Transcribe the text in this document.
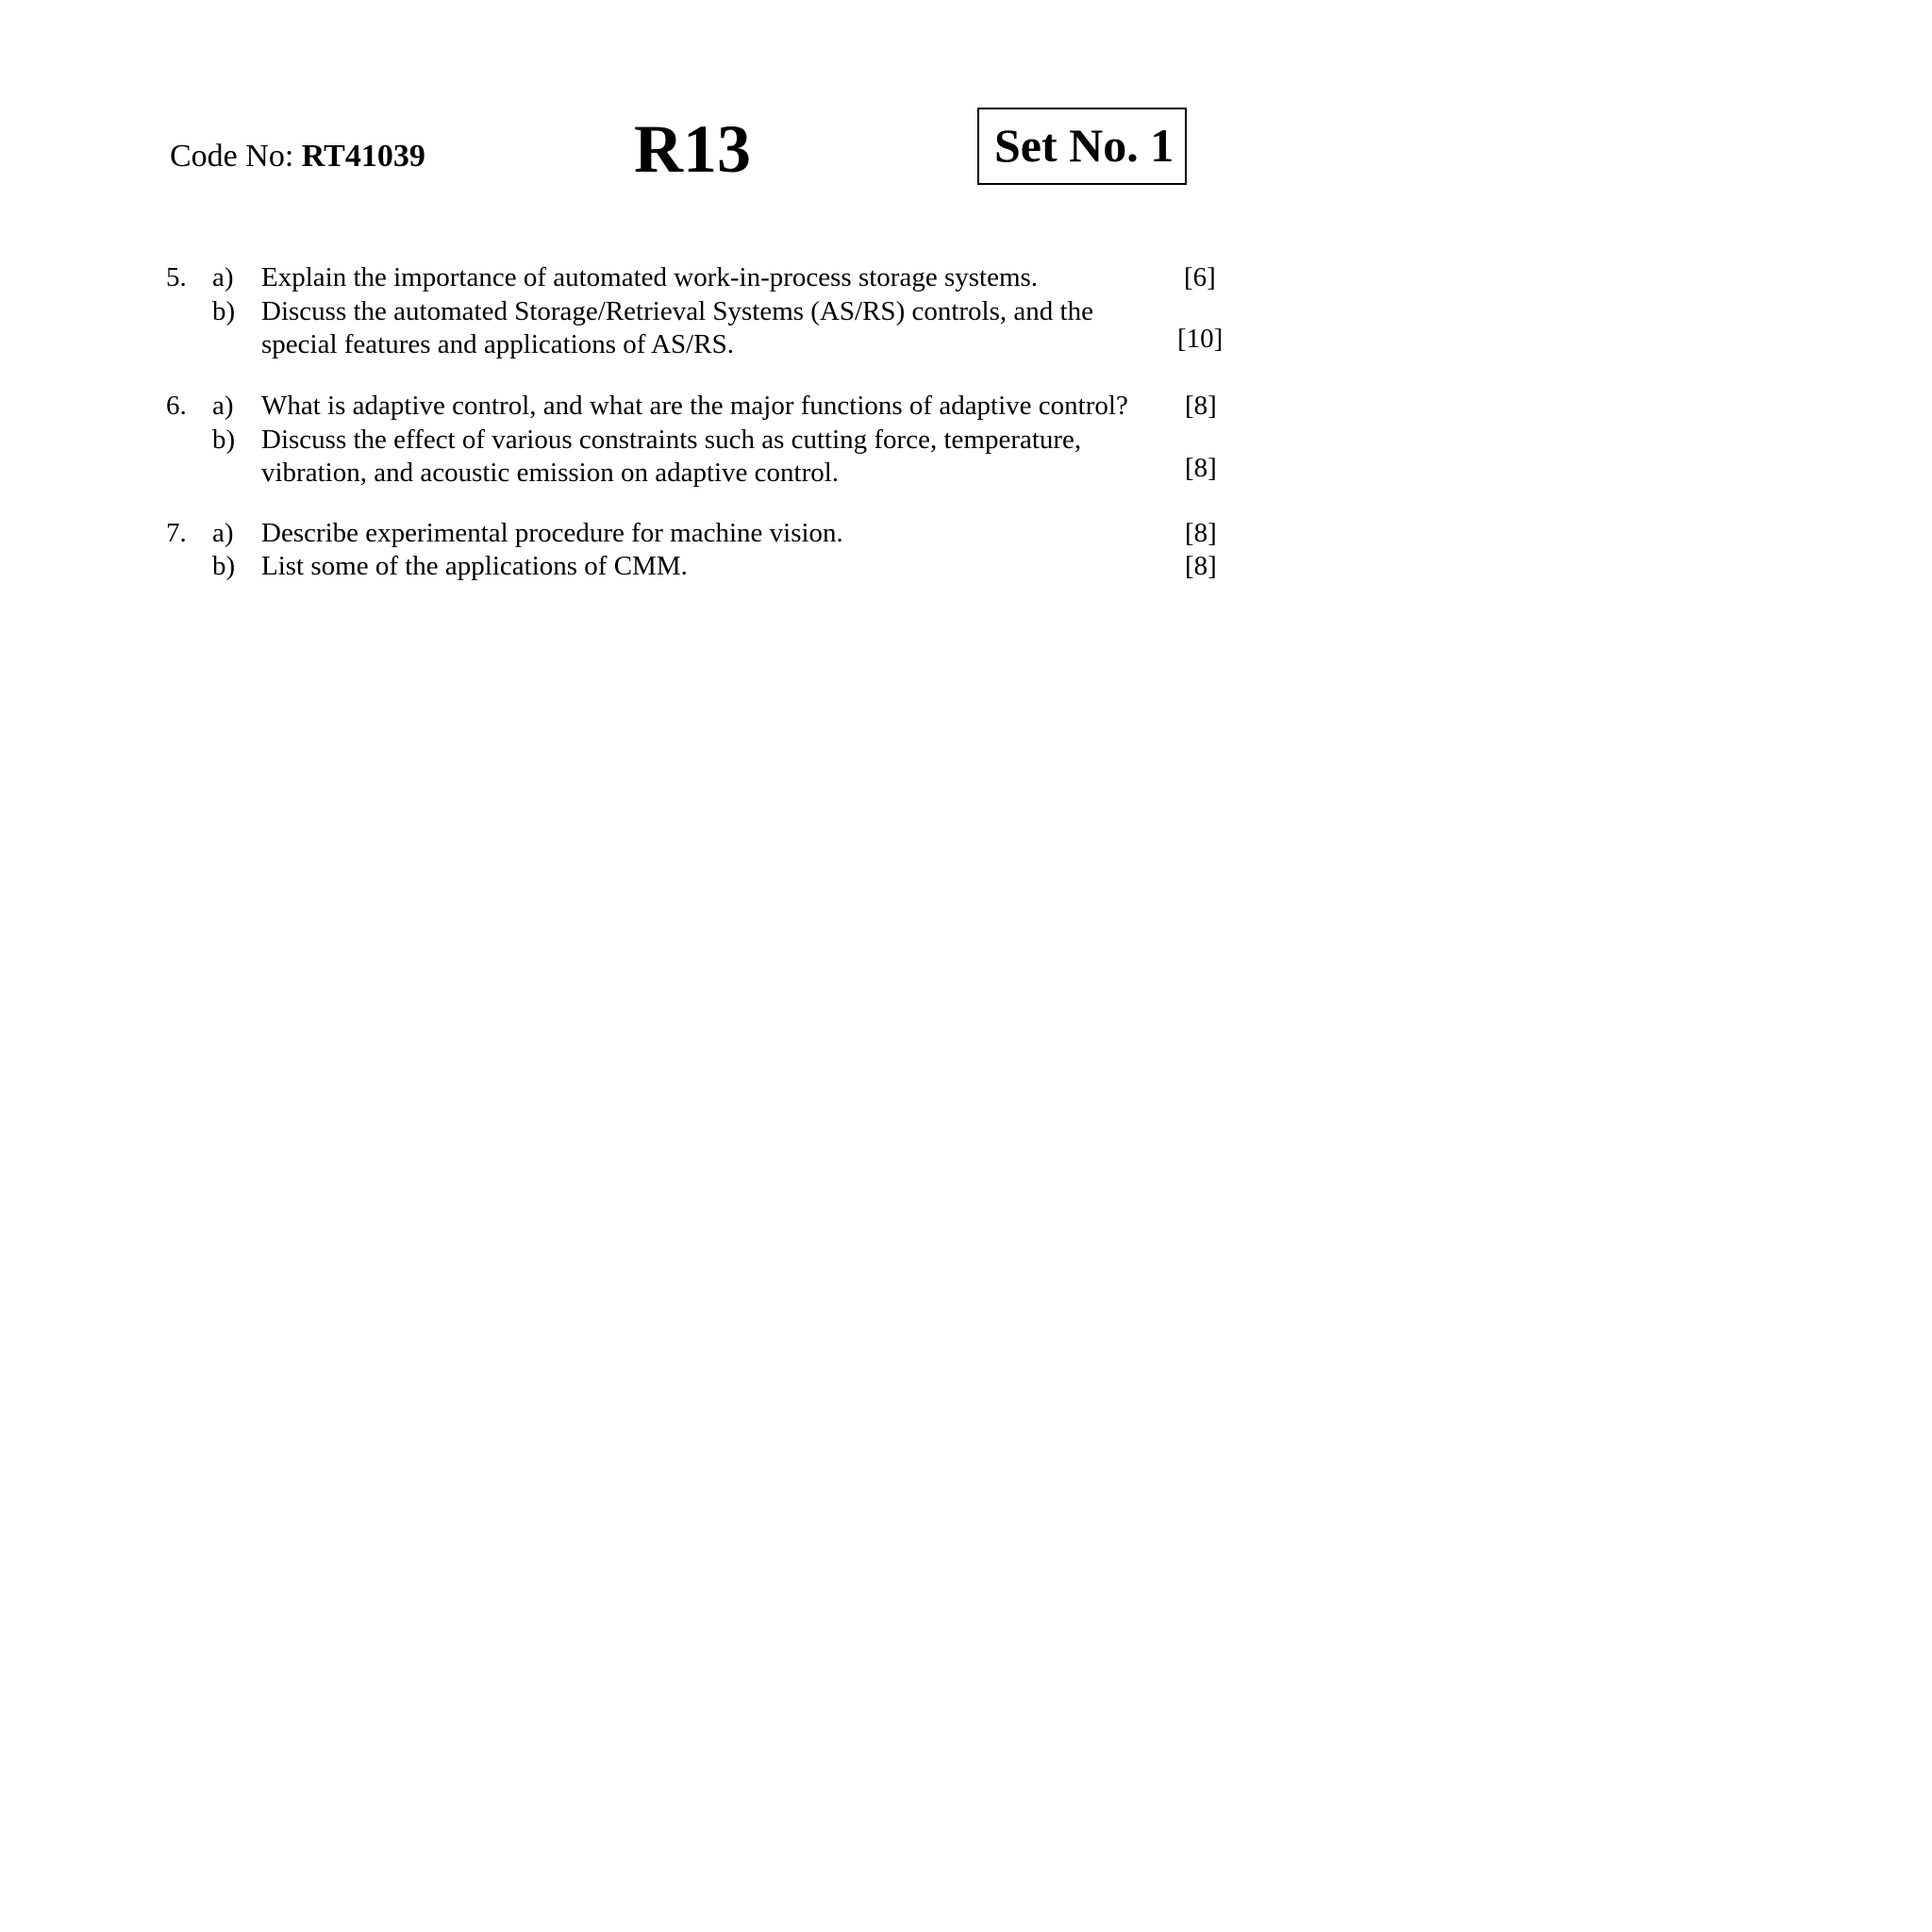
Code No: RT41039	R13	Set No. 1
5. a) Explain the importance of automated work-in-process storage systems.	[6]
b) Discuss the automated Storage/Retrieval Systems (AS/RS) controls, and the
special features and applications of AS/RS.	[10]
6. a) What is adaptive control, and what are the major functions of adaptive control? [8]
b) Discuss the effect of various constraints such as cutting force, temperature,
vibration, and acoustic emission on adaptive control.	[8]
7. a) Describe experimental procedure for machine vision.	[8]
b) List some of the applications of CMM.	[8]
